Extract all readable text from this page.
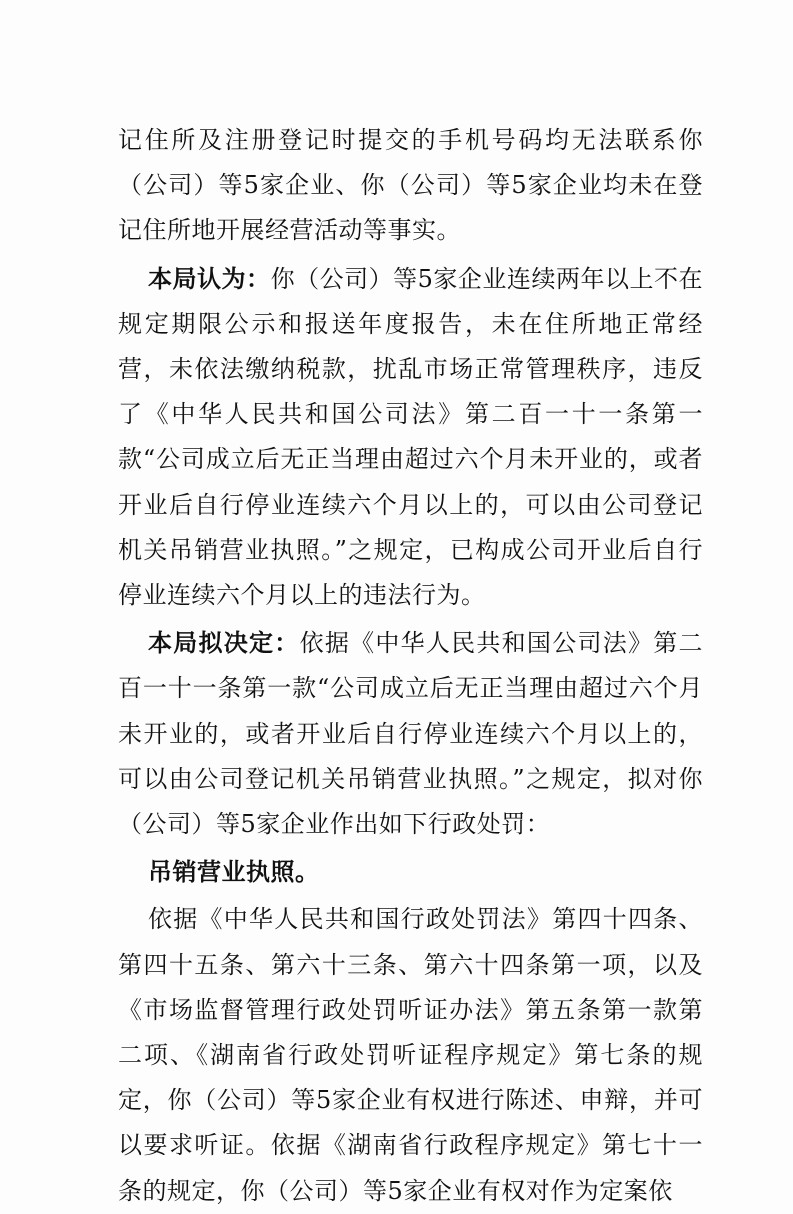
记住所及注册登记时提交的手机号码均无法联系你（公司）等5家企业、你（公司）等5家企业均未在登记住所地开展经营活动等事实。

本局认为：你（公司）等5家企业连续两年以上不在规定期限公示和报送年度报告，未在住所地正常经营，未依法缴纳税款，扰乱市场正常管理秩序，违反了《中华人民共和国公司法》第二百一十一条第一款“公司成立后无正当理由超过六个月未开业的，或者开业后自行停业连续六个月以上的，可以由公司登记机关吊销营业执照。”之规定，已构成公司开业后自行停业连续六个月以上的违法行为。

本局拟决定：依据《中华人民共和国公司法》第二百一十一条第一款“公司成立后无正当理由超过六个月未开业的，或者开业后自行停业连续六个月以上的，可以由公司登记机关吊销营业执照。”之规定，拟对你（公司）等5家企业作出如下行政处罚：

吊销营业执照。

依据《中华人民共和国行政处罚法》第四十四条、第四十五条、第六十三条、第六十四条第一项，以及《市场监督管理行政处罚听证办法》第五条第一款第二项、《湖南省行政处罚听证程序规定》第七条的规定，你（公司）等5家企业有权进行陈述、申辩，并可以要求听证。依据《湖南省行政程序规定》第七十一条的规定，你（公司）等5家企业有权对作为定案依
